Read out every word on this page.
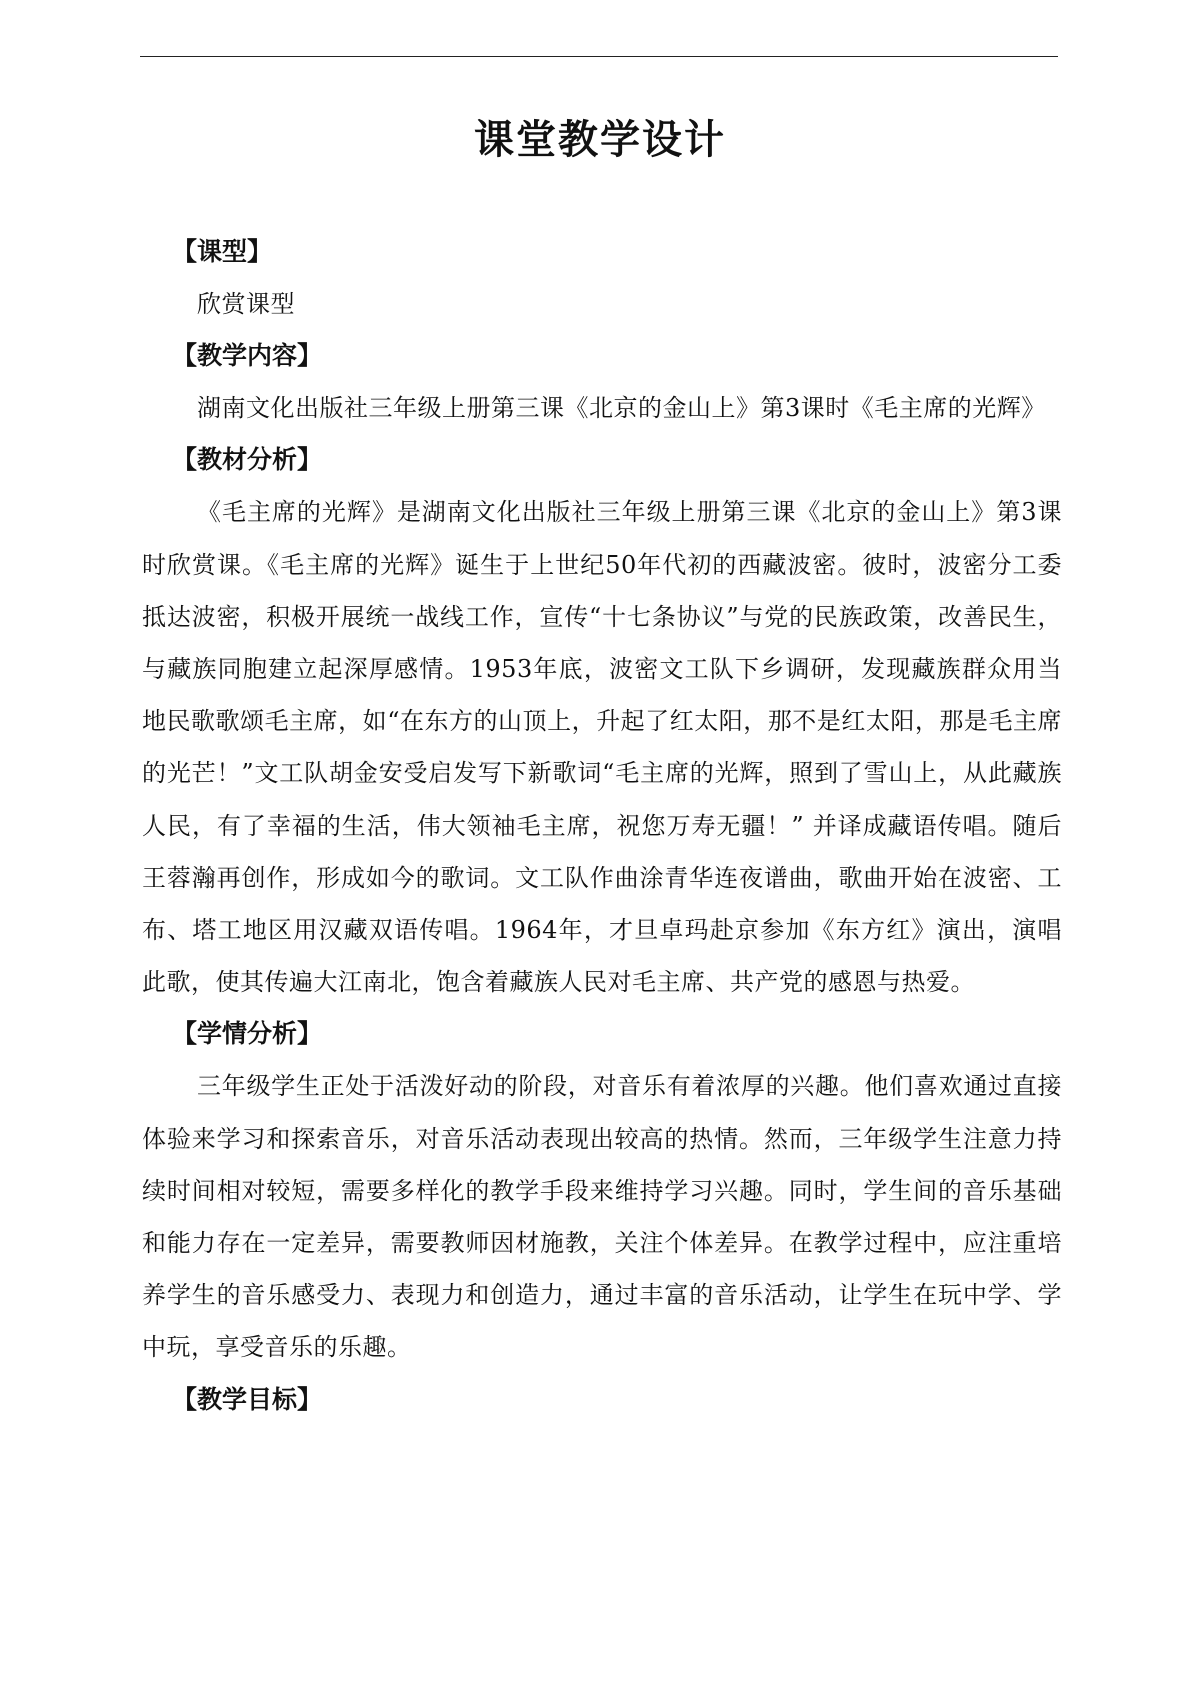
课堂教学设计
【课型】

欣赏课型

【教学内容】

湖南文化出版社三年级上册第三课《北京的金山上》第3课时《毛主席的光辉》

【教材分析】

《毛主席的光辉》是湖南文化出版社三年级上册第三课《北京的金山上》第3课时欣赏课。《毛主席的光辉》诞生于上世纪50年代初的西藏波密。彼时，波密分工委抵达波密，积极开展统一战线工作，宣传“十七条协议”与党的民族政策，改善民生，与藏族同胞建立起深厚感情。1953年底，波密文工队下乡调研，发现藏族群众用当地民歌歌颂毛主席，如“在东方的山顶上，升起了红太阳，那不是红太阳，那是毛主席的光芒！”文工队胡金安受启发写下新歌词“毛主席的光辉，照到了雪山上，从此藏族人民，有了幸福的生活，伟大领袖毛主席，祝您万寿无疆！” 并译成藏语传唱。随后王蓉瀚再创作，形成如今的歌词。文工队作曲涂青华连夜谱曲，歌曲开始在波密、工布、塔工地区用汉藏双语传唱。1964年，才旦卓玛赴京参加《东方红》演出，演唱此歌，使其传遍大江南北，饱含着藏族人民对毛主席、共产党的感恩与热爱。

【学情分析】

三年级学生正处于活泼好动的阶段，对音乐有着浓厚的兴趣。他们喜欢通过直接体验来学习和探索音乐，对音乐活动表现出较高的热情。然而，三年级学生注意力持续时间相对较短，需要多样化的教学手段来维持学习兴趣。同时，学生间的音乐基础和能力存在一定差异，需要教师因材施教，关注个体差异。在教学过程中，应注重培养学生的音乐感受力、表现力和创造力，通过丰富的音乐活动，让学生在玩中学、学中玩，享受音乐的乐趣。

【教学目标】
